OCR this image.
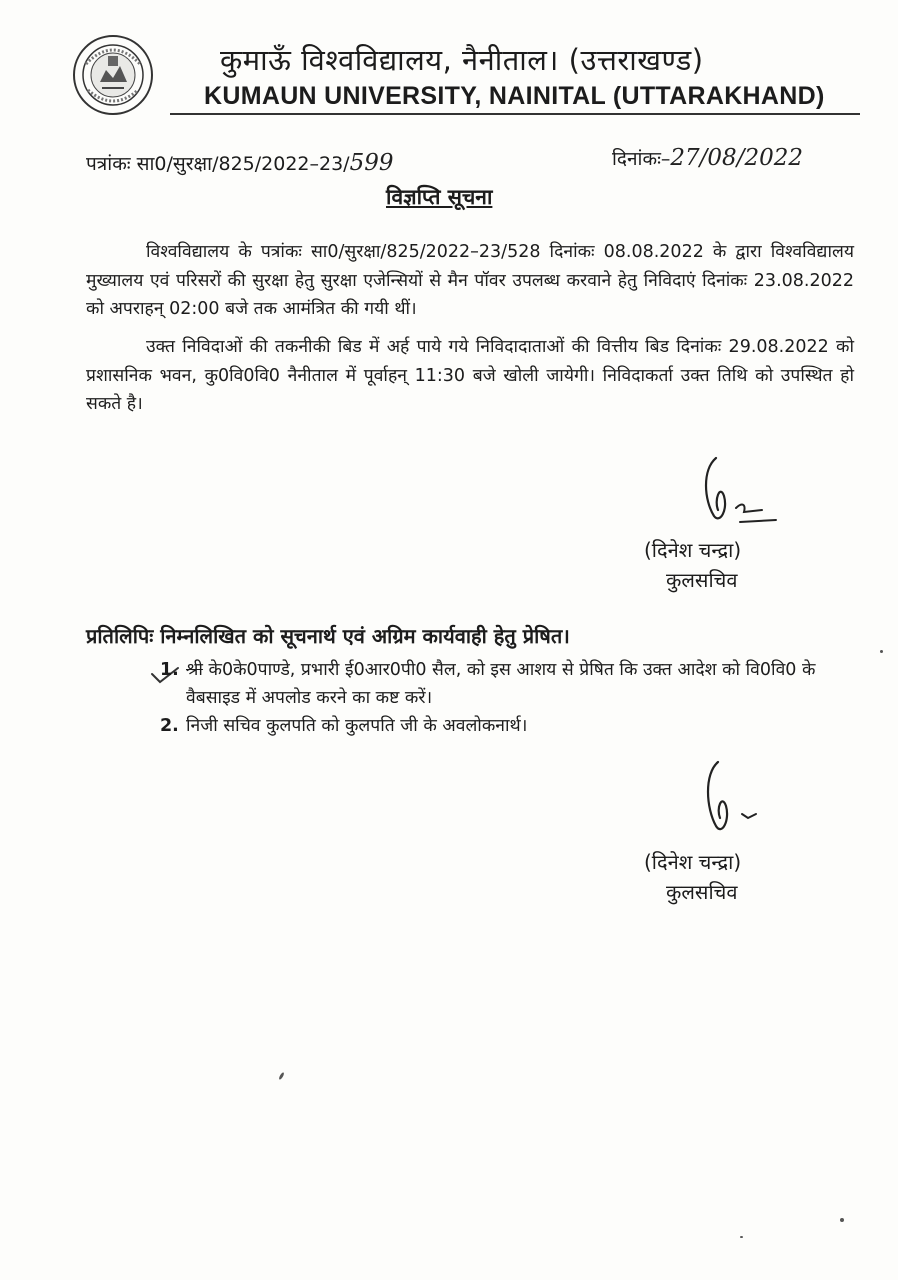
कुमाऊँ विश्वविद्यालय, नैनीताल। (उत्तराखण्ड)
KUMAUN UNIVERSITY, NAINITAL (UTTARAKHAND)
पत्रांकः सा0/सुरक्षा/825/2022–23/599	दिनांकः–27/08/2022
विज्ञप्ति सूचना
विश्वविद्यालय के पत्रांकः सा0/सुरक्षा/825/2022–23/528 दिनांकः 08.08.2022 के द्वारा विश्वविद्यालय मुख्यालय एवं परिसरों की सुरक्षा हेतु सुरक्षा एजेन्सियों से मैन पॉवर उपलब्ध करवाने हेतु निविदाएं दिनांकः 23.08.2022 को अपराहन् 02:00 बजे तक आमंत्रित की गयी थीं।
उक्त निविदाओं की तकनीकी बिड में अर्ह पाये गये निविदादाताओं की वित्तीय बिड दिनांकः 29.08.2022 को प्रशासनिक भवन, कु0वि0वि0 नैनीताल में पूर्वाहन् 11:30 बजे खोली जायेगी। निविदाकर्ता उक्त तिथि को उपस्थित हो सकते है।
(दिनेश चन्द्रा)
कुलसचिव
प्रतिलिपिः निम्नलिखित को सूचनार्थ एवं अग्रिम कार्यवाही हेतु प्रेषित।
1. श्री के0के0पाण्डे, प्रभारी ई0आर0पी0 सैल, को इस आशय से प्रेषित कि उक्त आदेश को वि0वि0 के वैबसाइड में अपलोड करने का कष्ट करें।
2. निजी सचिव कुलपति को कुलपति जी के अवलोकनार्थ।
(दिनेश चन्द्रा)
कुलसचिव
